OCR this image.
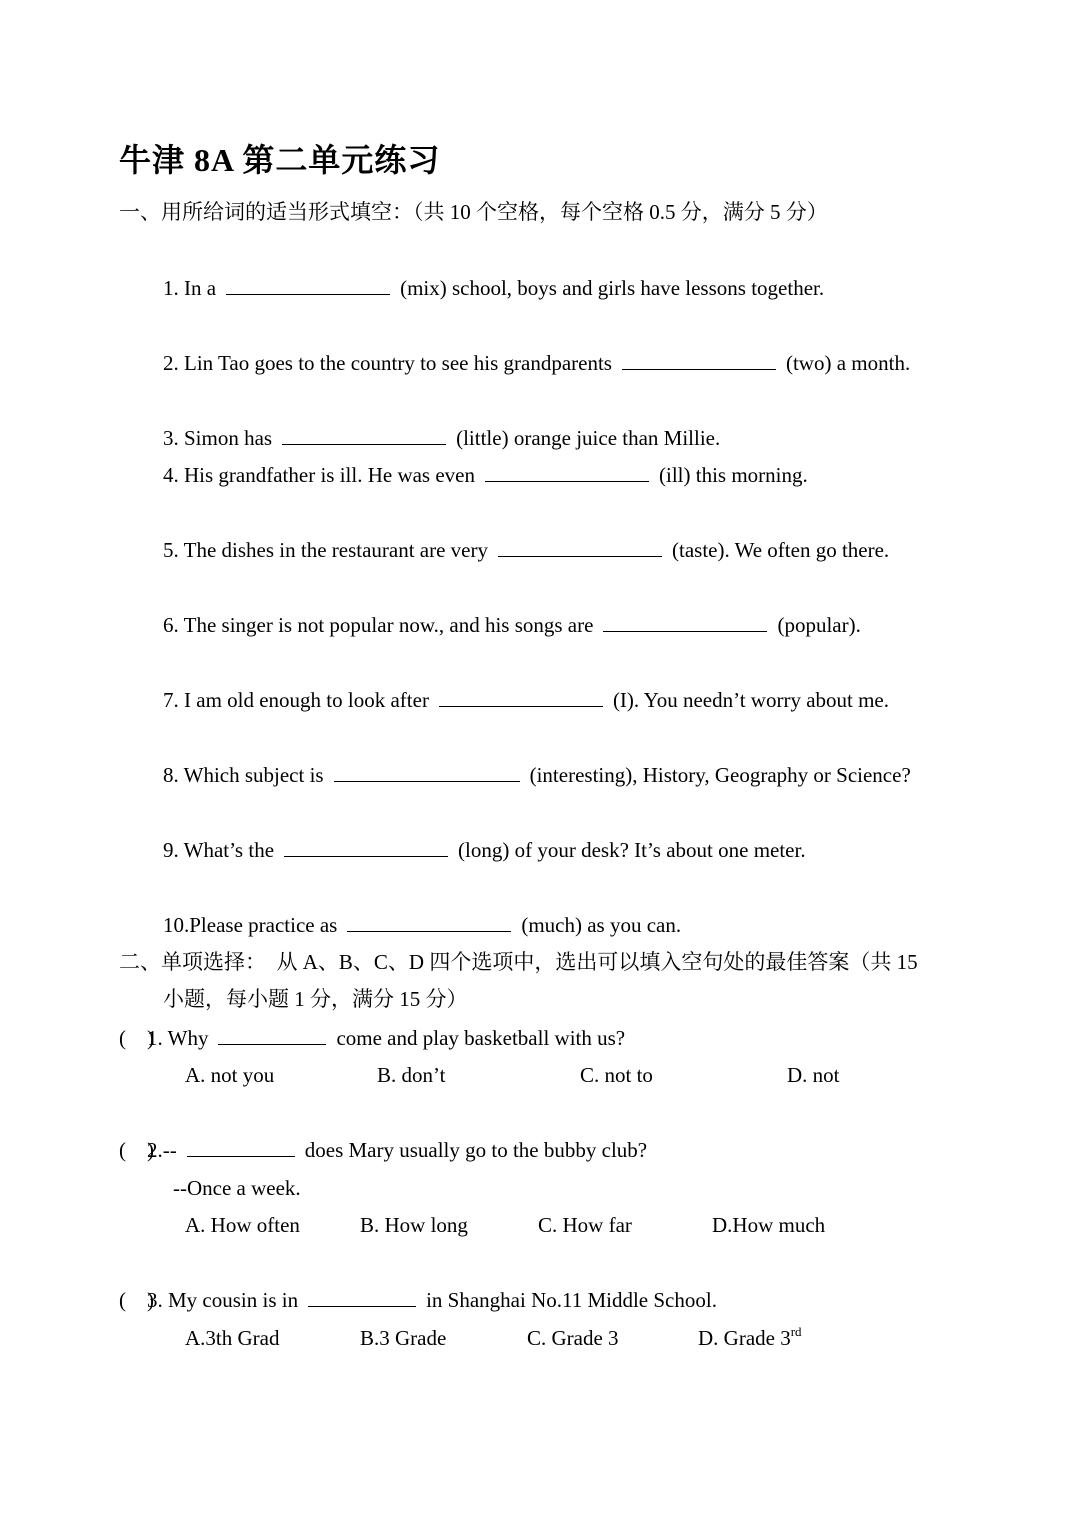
牛津 8A 第二单元练习
一、用所给词的适当形式填空：（共 10 个空格，每个空格 0.5 分，满分 5 分）
1. In a	(mix) school, boys and girls have lessons together.
2. Lin Tao goes to the country to see his grandparents	(two) a month.
3. Simon has	(little) orange juice than Millie.
4. His grandfather is ill. He was even	(ill) this morning.
5. The dishes in the restaurant are very	(taste). We often go there.
6. The singer is not popular now., and his songs are	(popular).
7. I am old enough to look after	(I). You needn’t worry about me.
8. Which subject is	(interesting), History, Geography or Science?
9. What’s the	(long) of your desk? It’s about one meter.
10.Please practice as	(much) as you can.
二、单项选择：　从 A、B、C、D 四个选项中，选出可以填入空句处的最佳答案（共 15
小题，每小题 1 分，满分 15 分）
(　)1. Why	come and play basketball with us?
A. not you	B. don’t	C. not to	D. not
(　)2.--	does Mary usually go to the bubby club?
--Once a week.
A. How often	B. How long	C. How far	D.How much
(　)3. My cousin is in	in Shanghai No.11 Middle School.
A.3th Grad	B.3 Grade	C. Grade 3	D. Grade 3rd
